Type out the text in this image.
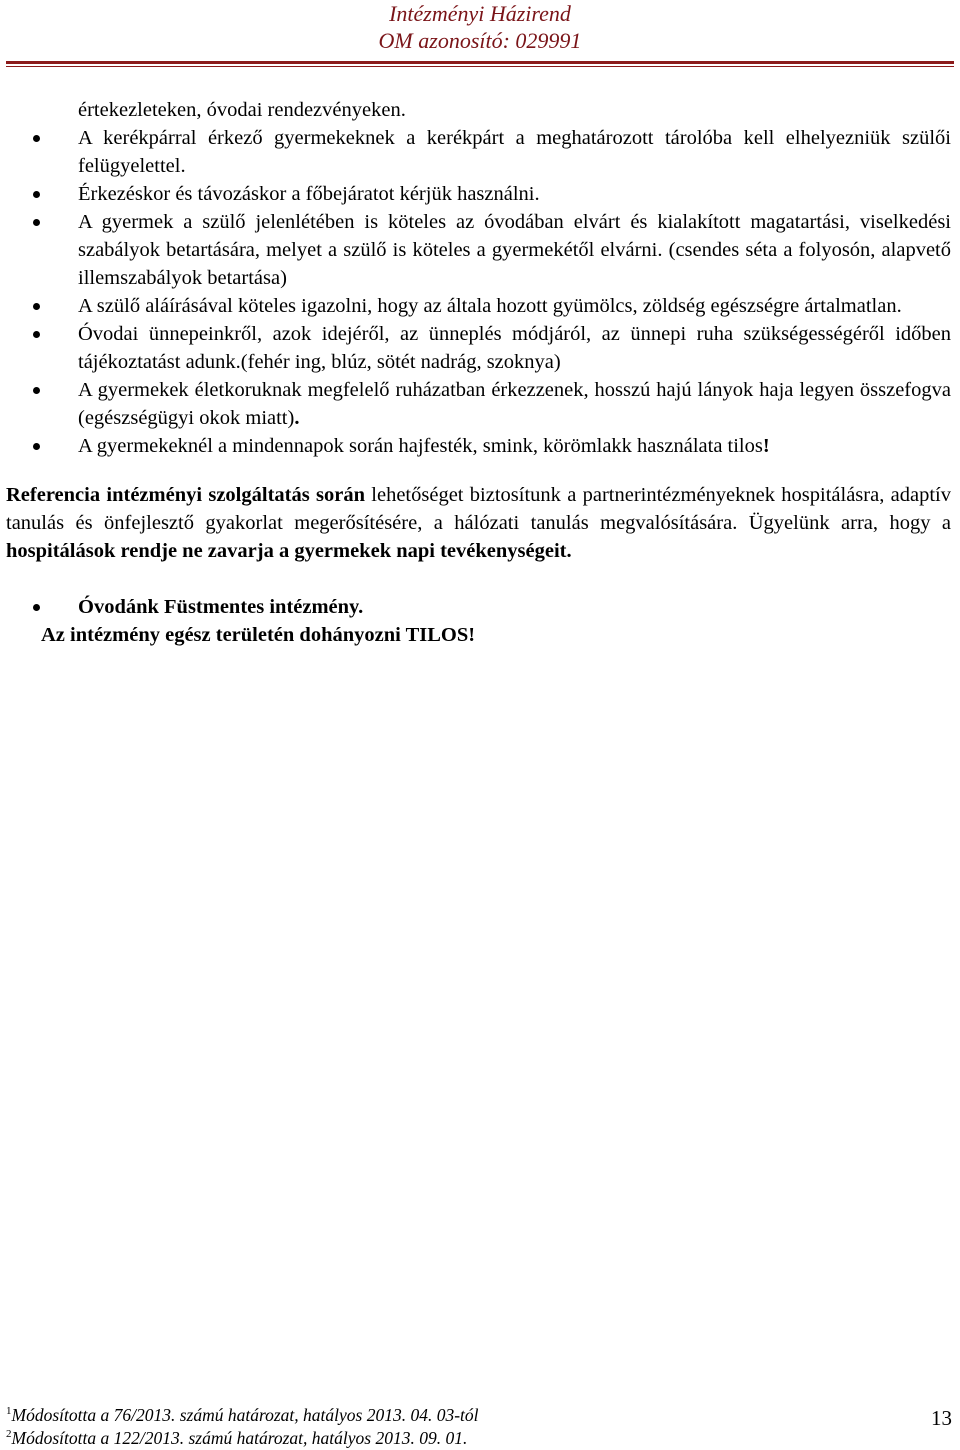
Intézményi Házirend
OM azonosító: 029991

értekezleteken, óvodai rendezvényeken.

A kerékpárral érkező gyermekeknek a kerékpárt a meghatározott tárolóba kell elhelyezniük szülői felügyelettel.
Érkezéskor és távozáskor a főbejáratot kérjük használni.
A gyermek a szülő jelenlétében is köteles az óvodában elvárt és kialakított magatartási, viselkedési szabályok betartására, melyet a szülő is köteles a gyermekétől elvárni. (csendes séta a folyosón, alapvető illemszabályok betartása)
A szülő aláírásával köteles igazolni, hogy az általa hozott gyümölcs, zöldség egészségre ártalmatlan.
Óvodai ünnepeinkről, azok idejéről, az ünneplés módjáról, az ünnepi ruha szükségességéről időben tájékoztatást adunk.(fehér ing, blúz, sötét nadrág, szoknya)
A gyermekek életkoruknak megfelelő ruházatban érkezzenek, hosszú hajú lányok haja legyen összefogva (egészségügyi okok miatt).
A gyermekeknél a mindennapok során hajfesték, smink, körömlakk használata tilos!

Referencia intézményi szolgáltatás során lehetőséget biztosítunk a partnerintézményeknek hospitálásra, adaptív tanulás és önfejlesztő gyakorlat megerősítésére, a hálózati tanulás megvalósítására. Ügyelünk arra, hogy a hospitálások rendje ne zavarja a gyermekek napi tevékenységeit.

Óvodánk Füstmentes intézmény.
Az intézmény egész területén dohányozni TILOS!
$^1$Módosította a 76/2013. számú határozat, hatályos 2013. 04. 03-tól
$^2$Módosította a 122/2013. számú határozat, hatályos 2013. 09. 01.
13
